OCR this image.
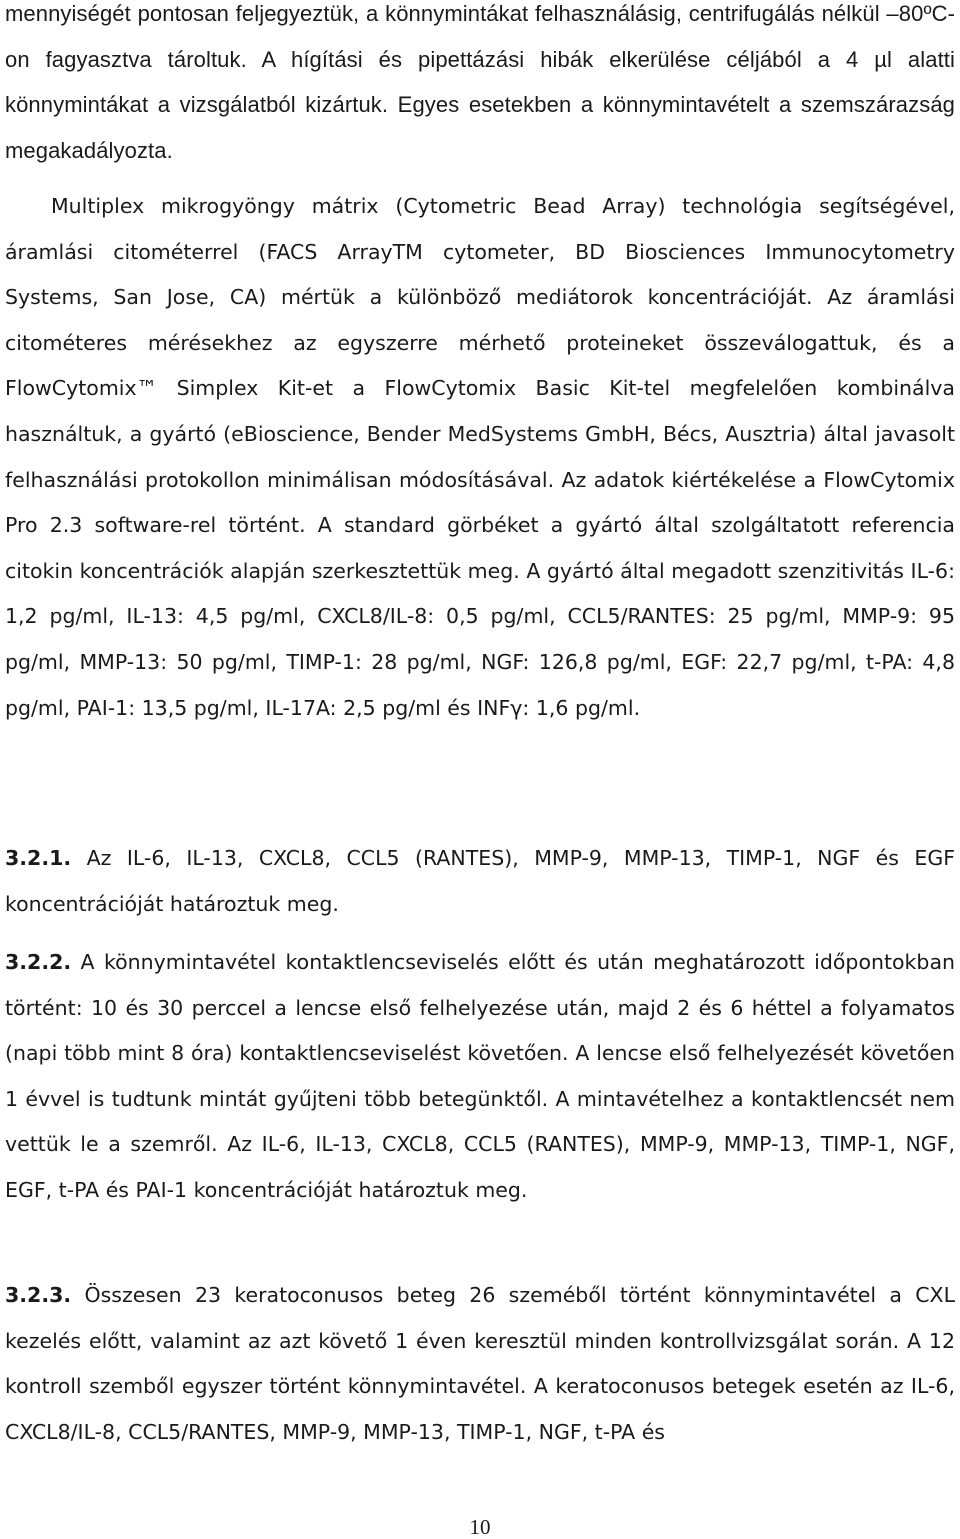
mennyiségét pontosan feljegyeztük, a könnymintákat felhasználásig, centrifugálás nélkül –80ºC-on fagyasztva tároltuk. A hígítási és pipettázási hibák elkerülése céljából a 4 µl alatti könnymintákat a vizsgálatból kizártuk. Egyes esetekben a könnymintavételt a szemszárazság megakadályozta.

Multiplex mikrogyöngy mátrix (Cytometric Bead Array) technológia segítségével, áramlási citométerrel (FACS ArrayTM cytometer, BD Biosciences Immunocytometry Systems, San Jose, CA) mértük a különböző mediátorok koncentrációját. Az áramlási citométeres mérésekhez az egyszerre mérhető proteineket összeválogattuk, és a FlowCytomix™ Simplex Kit-et a FlowCytomix Basic Kit-tel megfelelően kombinálva használtuk, a gyártó (eBioscience, Bender MedSystems GmbH, Bécs, Ausztria) által javasolt felhasználási protokollon minimálisan módosításával. Az adatok kiértékelése a FlowCytomix Pro 2.3 software-rel történt. A standard görbéket a gyártó által szolgáltatott referencia citokin koncentrációk alapján szerkesztettük meg. A gyártó által megadott szenzitivitás IL-6: 1,2 pg/ml, IL-13: 4,5 pg/ml, CXCL8/IL-8: 0,5 pg/ml, CCL5/RANTES: 25 pg/ml, MMP-9: 95 pg/ml, MMP-13: 50 pg/ml, TIMP-1: 28 pg/ml, NGF: 126,8 pg/ml, EGF: 22,7 pg/ml, t-PA: 4,8 pg/ml, PAI-1: 13,5 pg/ml, IL-17A: 2,5 pg/ml és INFγ: 1,6 pg/ml.

3.2.1. Az IL-6, IL-13, CXCL8, CCL5 (RANTES), MMP-9, MMP-13, TIMP-1, NGF és EGF koncentrációját határoztuk meg.

3.2.2. A könnymintavétel kontaktlencseviselés előtt és után meghatározott időpontokban történt: 10 és 30 perccel a lencse első felhelyezése után, majd 2 és 6 héttel a folyamatos (napi több mint 8 óra) kontaktlencseviselést követően. A lencse első felhelyezését követően 1 évvel is tudtunk mintát gyűjteni több betegünktől. A mintavételhez a kontaktlencsét nem vettük le a szemről. Az IL-6, IL-13, CXCL8, CCL5 (RANTES), MMP-9, MMP-13, TIMP-1, NGF, EGF, t-PA és PAI-1 koncentrációját határoztuk meg.

3.2.3. Összesen 23 keratoconusos beteg 26 szeméből történt könnymintavétel a CXL kezelés előtt, valamint az azt követő 1 éven keresztül minden kontrollvizsgálat során. A 12 kontroll szemből egyszer történt könnymintavétel. A keratoconusos betegek esetén az IL-6, CXCL8/IL-8, CCL5/RANTES, MMP-9, MMP-13, TIMP-1, NGF, t-PA és

10
